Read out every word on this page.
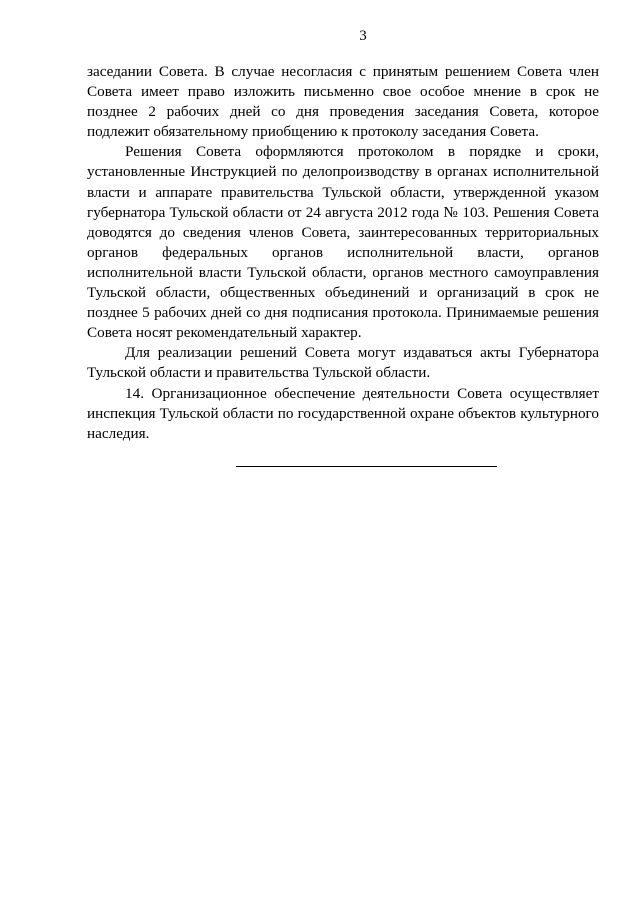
3

заседании Совета. В случае несогласия с принятым решением Совета член Совета имеет право изложить письменно свое особое мнение в срок не позднее 2 рабочих дней со дня проведения заседания Совета, которое подлежит обязательному приобщению к протоколу заседания Совета.

Решения Совета оформляются протоколом в порядке и сроки, установленные Инструкцией по делопроизводству в органах исполнительной власти и аппарате правительства Тульской области, утвержденной указом губернатора Тульской области от 24 августа 2012 года № 103. Решения Совета доводятся до сведения членов Совета, заинтересованных территориальных органов федеральных органов исполнительной власти, органов исполнительной власти Тульской области, органов местного самоуправления Тульской области, общественных объединений и организаций в срок не позднее 5 рабочих дней со дня подписания протокола. Принимаемые решения Совета носят рекомендательный характер.

Для реализации решений Совета могут издаваться акты Губернатора Тульской области и правительства Тульской области.

14. Организационное обеспечение деятельности Совета осуществляет инспекция Тульской области по государственной охране объектов культурного наследия.
